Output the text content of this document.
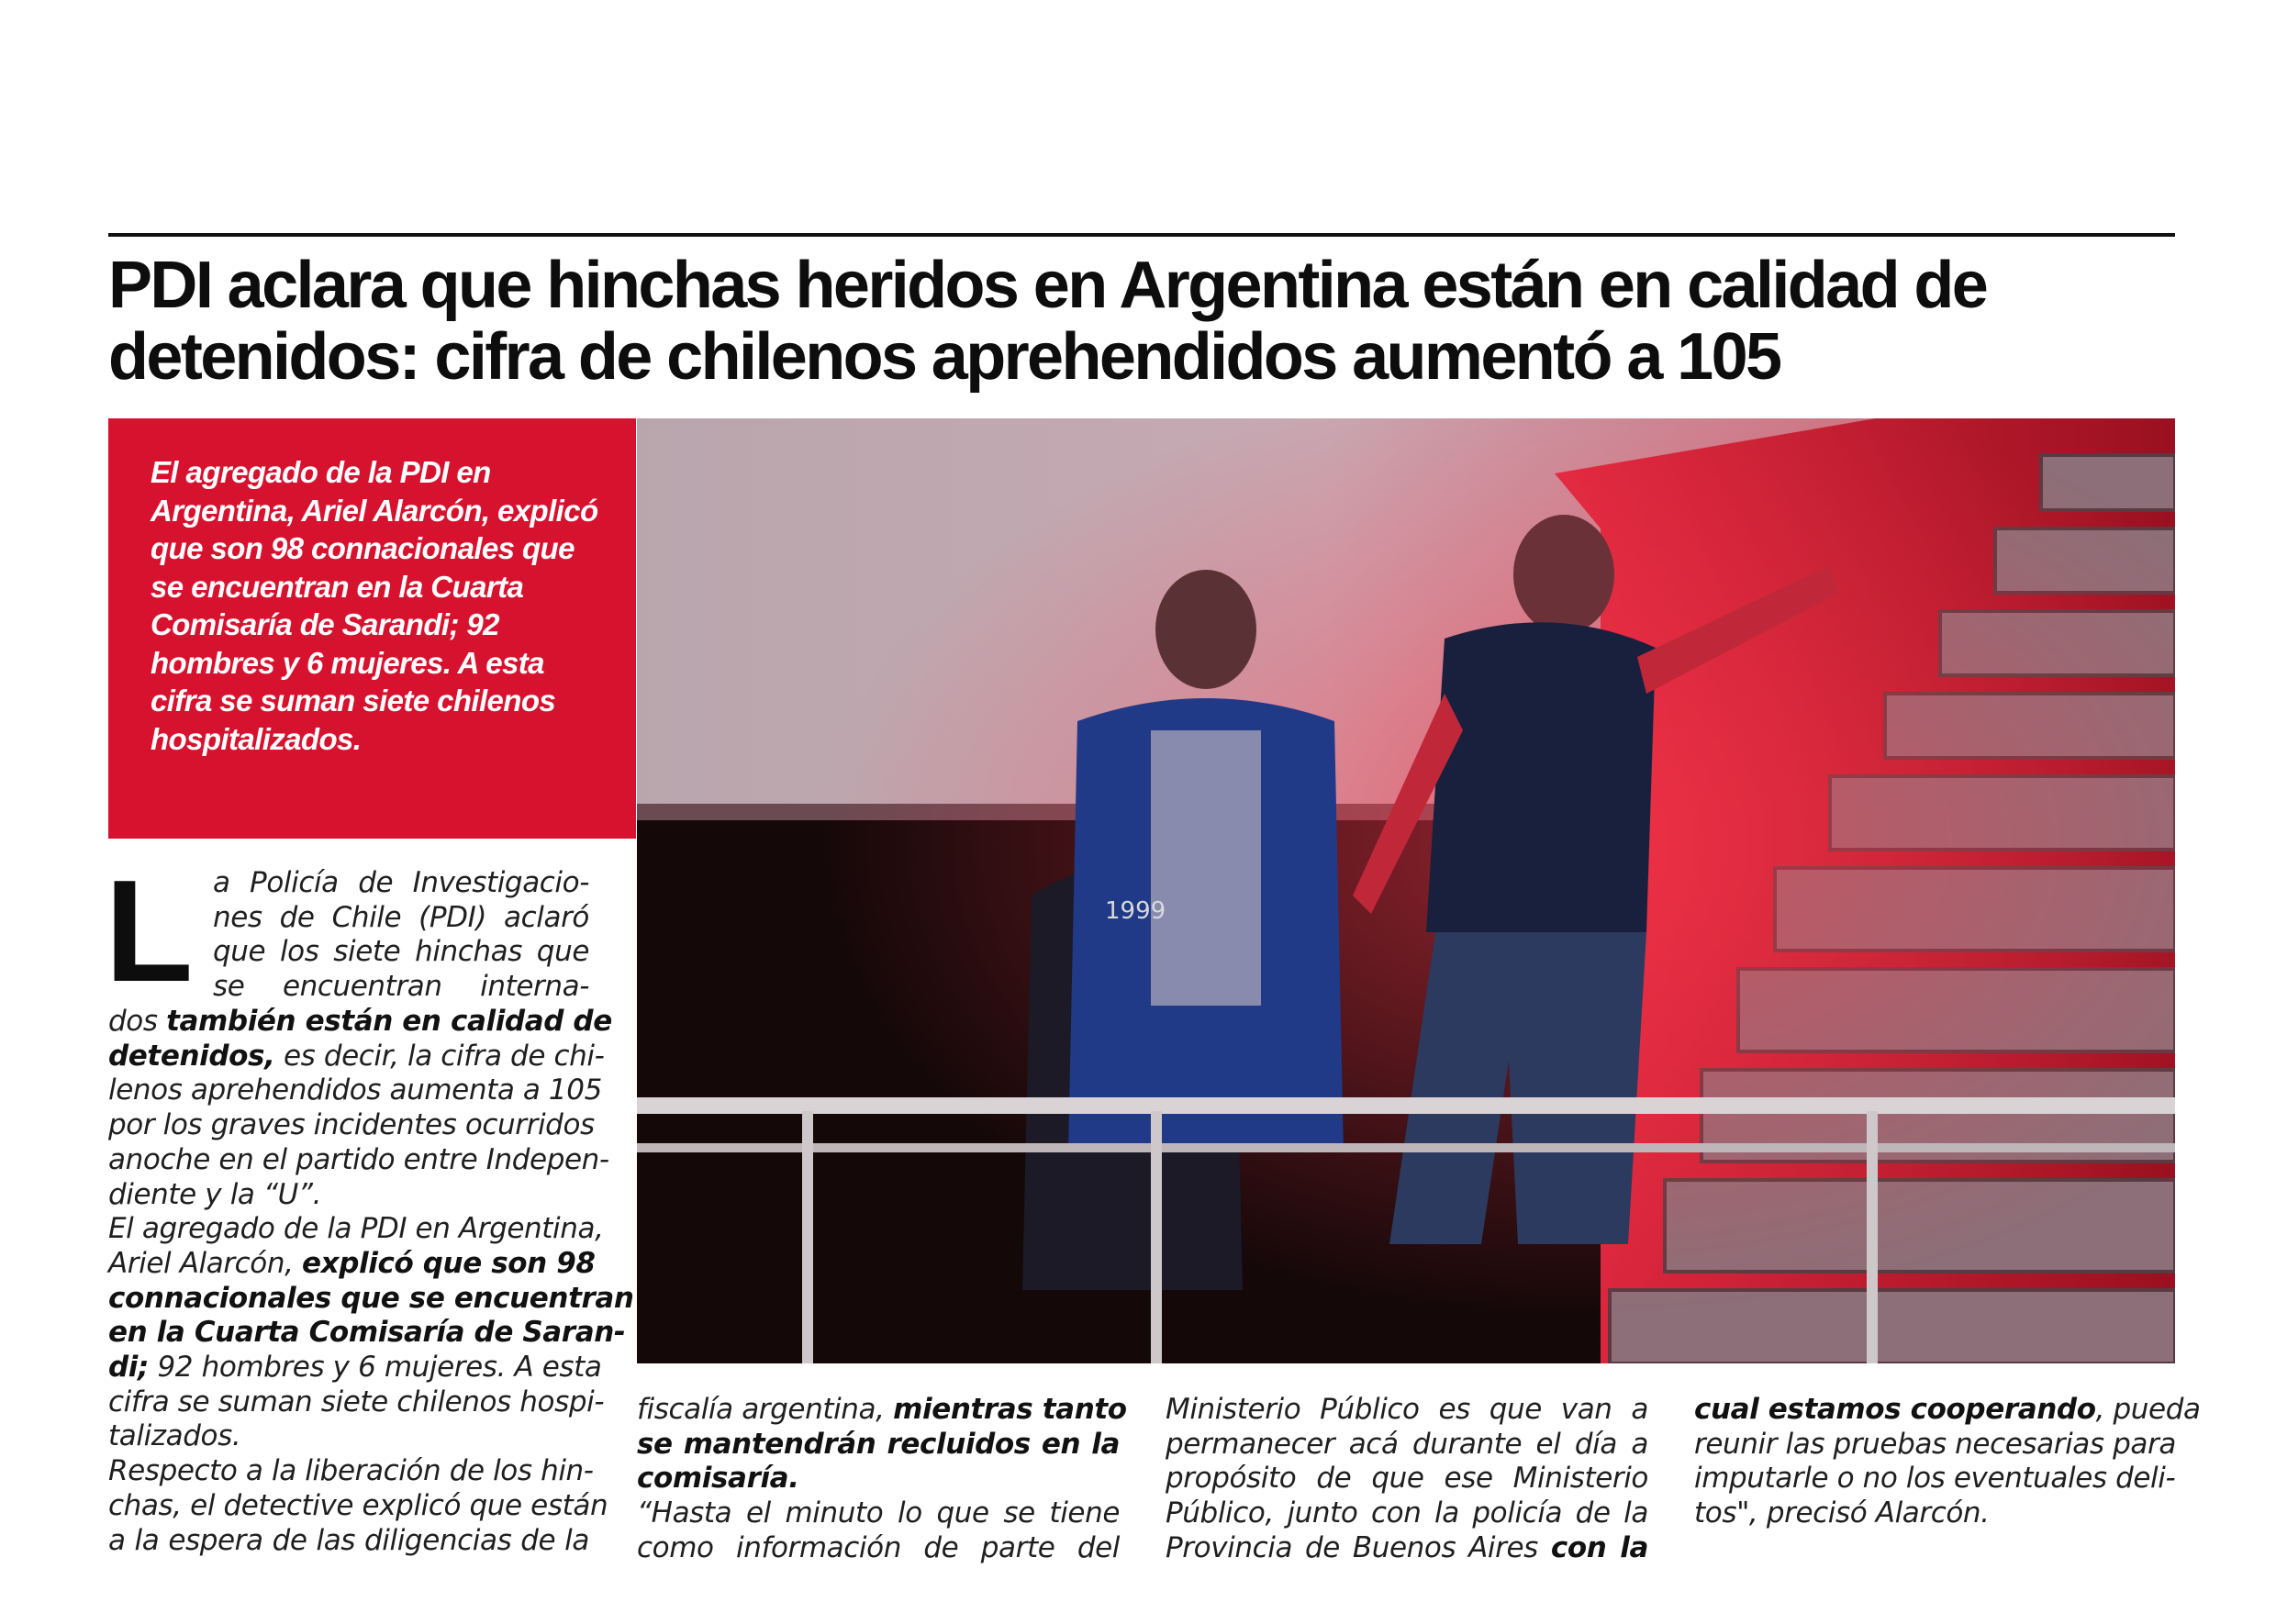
PDI aclara que hinchas heridos en Argentina están en calidad de
detenidos: cifra de chilenos aprehendidos aumentó a 105

El agregado de la PDI en Argentina, Ariel Alarcón, explicó que son 98 connacionales que se encuentran en la Cuarta Comisaría de Sarandi; 92 hombres y 6 mujeres. A esta cifra se suman siete chilenos hospitalizados.

1999
L a Policía de Investigacio-
nes de Chile (PDI) aclaró
que los siete hinchas que
se encuentran interna-
dos también están en calidad de
detenidos, es decir, la cifra de chi-
lenos aprehendidos aumenta a 105
por los graves incidentes ocurridos
anoche en el partido entre Indepen-
diente y la “U”.
El agregado de la PDI en Argentina,
Ariel Alarcón, explicó que son 98
connacionales que se encuentran
en la Cuarta Comisaría de Saran-
di; 92 hombres y 6 mujeres. A esta
cifra se suman siete chilenos hospi-
talizados.
Respecto a la liberación de los hin-
chas, el detective explicó que están
a la espera de las diligencias de la
fiscalía argentina, mientras tanto
se mantendrán recluidos en la
comisaría.
“Hasta el minuto lo que se tiene
como información de parte del
Ministerio Público es que van a
permanecer acá durante el día a
propósito de que ese Ministerio
Público, junto con la policía de la
Provincia de Buenos Aires con la
cual estamos cooperando, pueda
reunir las pruebas necesarias para
imputarle o no los eventuales deli-
tos", precisó Alarcón.
